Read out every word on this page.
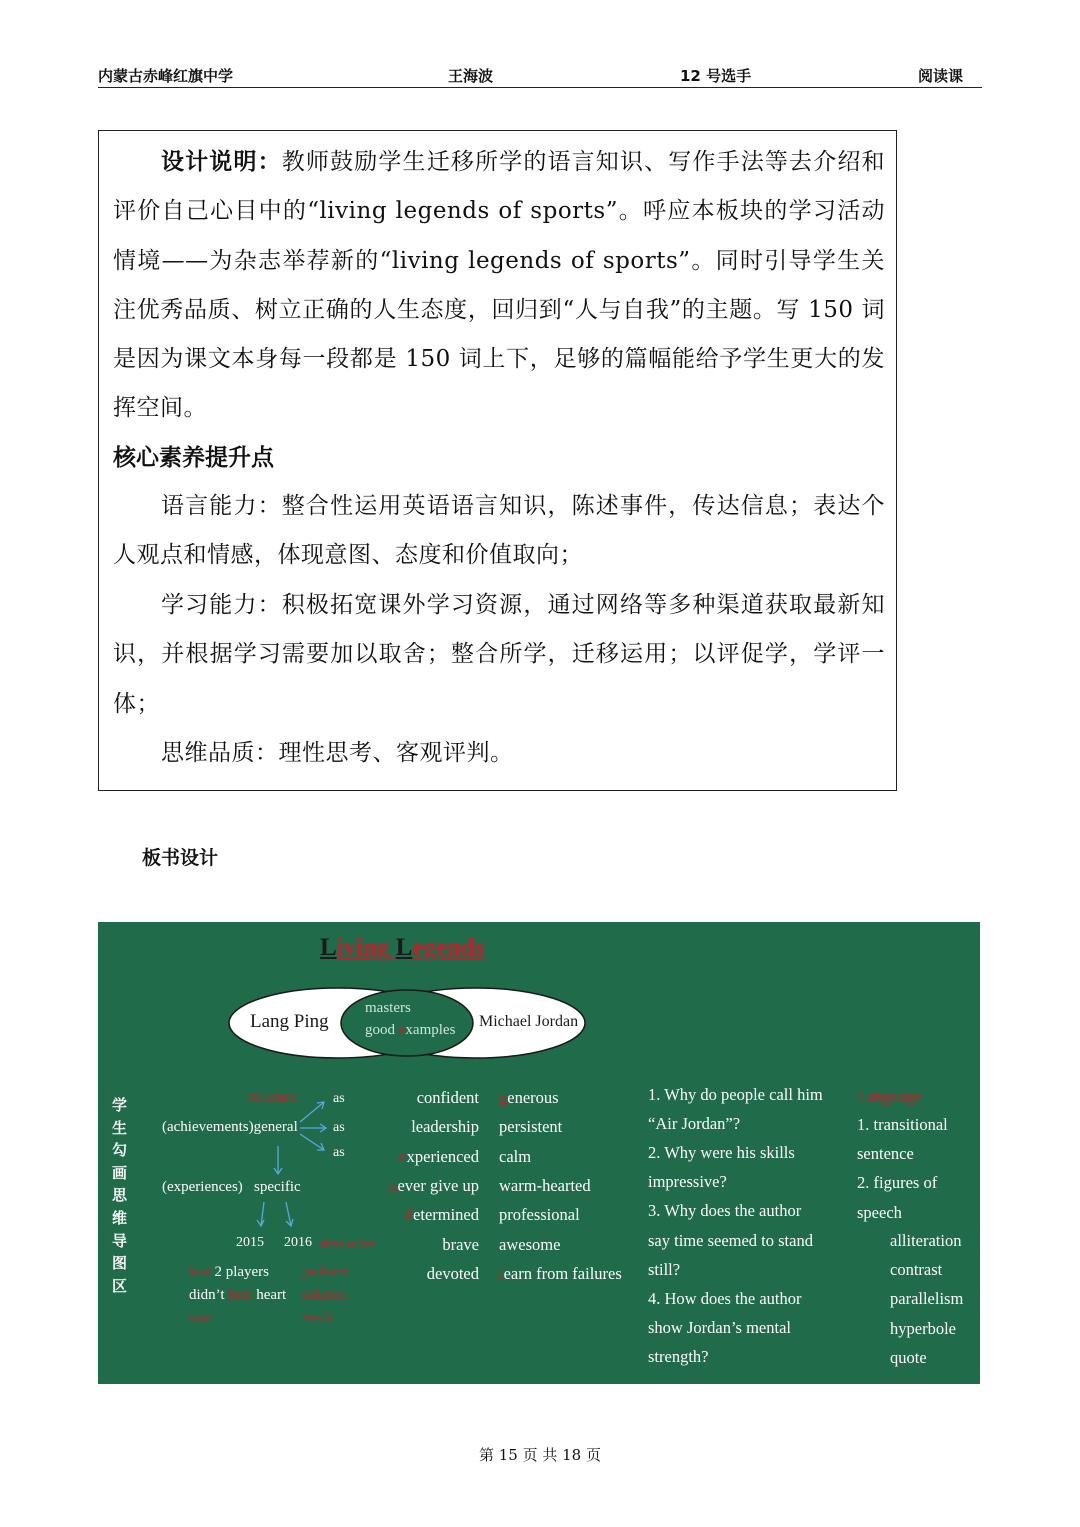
内蒙古赤峰红旗中学	王海波	12 号选手	阅读课

设计说明：教师鼓励学生迁移所学的语言知识、写作手法等去介绍和评价自己心目中的“living legends of sports”。呼应本板块的学习活动情境——为杂志举荐新的“living legends of sports”。同时引导学生关注优秀品质、树立正确的人生态度，回归到“人与自我”的主题。写 150 词是因为课文本身每一段都是 150 词上下，足够的篇幅能给予学生更大的发挥空间。

核心素养提升点

语言能力：整合性运用英语语言知识，陈述事件，传达信息；表达个人观点和情感，体现意图、态度和价值取向；

学习能力：积极拓宽课外学习资源，通过网络等多种渠道获取最新知识，并根据学习需要加以取舍；整合所学，迁移运用；以评促学，学评一体；

思维品质：理性思考、客观评判。

板书设计
Living Legends
Lang Ping	Michael Jordan
masters
good examples
学生勾画思维导图区
structure	as
as
as
(achievements)general
(experiences) specific
2015 2016 time order
lost 2 players
didn’t lose heart
won
problem
solution
result
confident
leadership
experienced
never give up
determined
brave
devoted
generous
persistent
calm
warm-hearted
professional
awesome
learn from failures
1. Why do people call him
“Air Jordan”?
2. Why were his skills
impressive?
3. Why does the author
say time seemed to stand
still?
4. How does the author
show Jordan’s mental
strength?
Language
1. transitional
sentence
2. figures of
speech
alliteration
contrast
parallelism
hyperbole
quote
第 15 页 共 18 页
